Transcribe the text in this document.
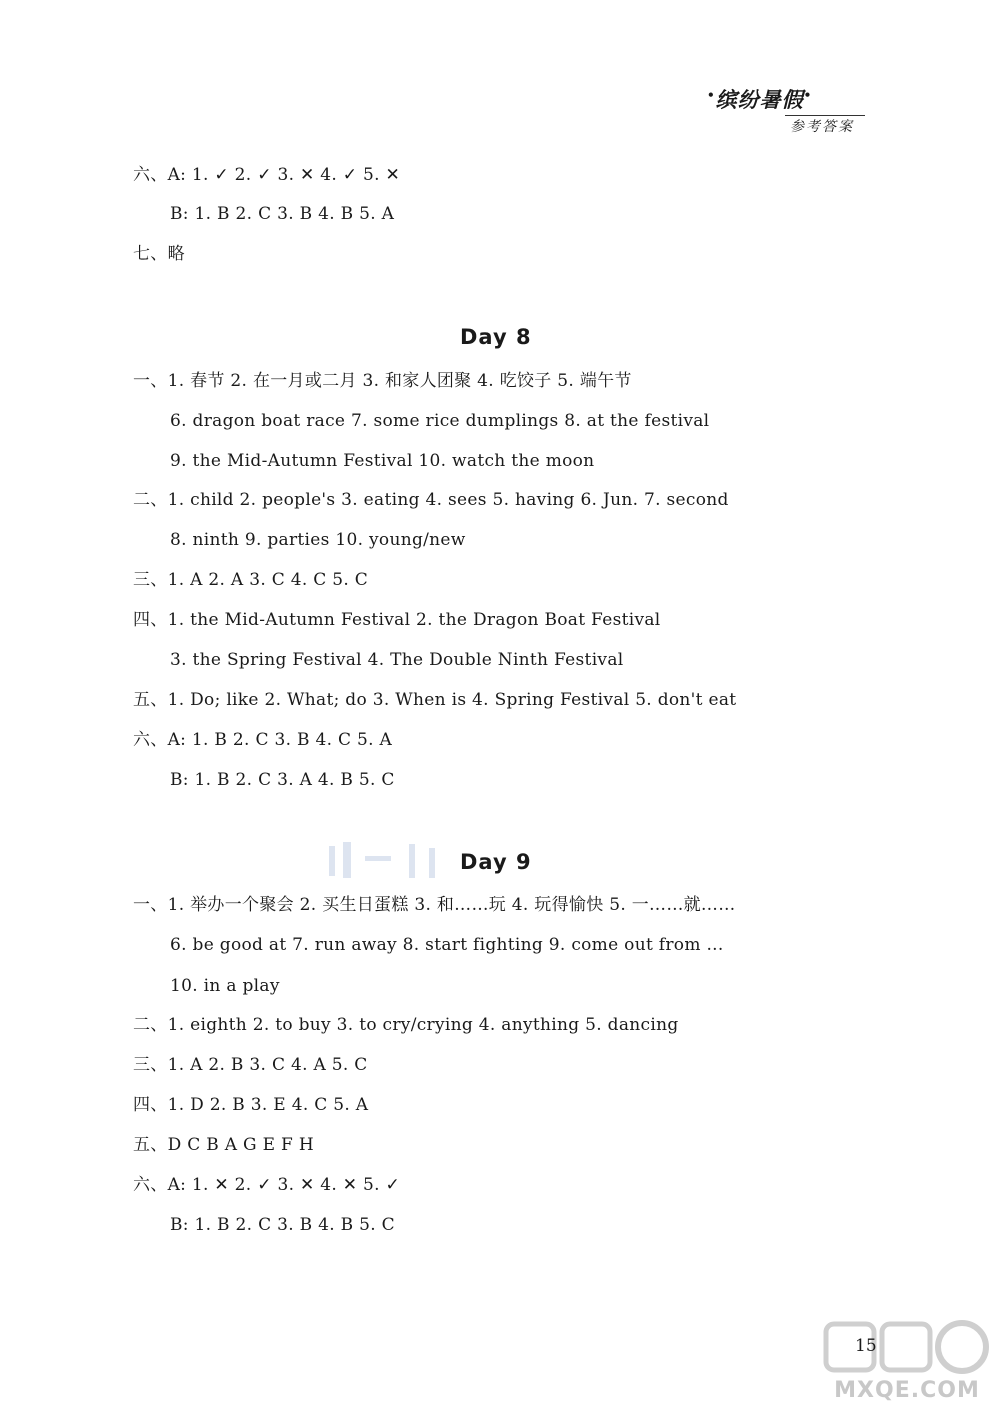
•缤纷暑假•
参考答案
六、A: 1. ✓ 2. ✓ 3. ✕ 4. ✓ 5. ✕
B: 1. B 2. C 3. B 4. B 5. A
七、略
Day 8
一、1. 春节 2. 在一月或二月 3. 和家人团聚 4. 吃饺子 5. 端午节
6. dragon boat race 7. some rice dumplings 8. at the festival
9. the Mid-Autumn Festival 10. watch the moon
二、1. child 2. people's 3. eating 4. sees 5. having 6. Jun. 7. second
8. ninth 9. parties 10. young/new
三、1. A 2. A 3. C 4. C 5. C
四、1. the Mid-Autumn Festival 2. the Dragon Boat Festival
3. the Spring Festival 4. The Double Ninth Festival
五、1. Do; like 2. What; do 3. When is 4. Spring Festival 5. don't eat
六、A: 1. B 2. C 3. B 4. C 5. A
B: 1. B 2. C 3. A 4. B 5. C
Day 9
一、1. 举办一个聚会 2. 买生日蛋糕 3. 和……玩 4. 玩得愉快 5. 一……就……
6. be good at 7. run away 8. start fighting 9. come out from ...
10. in a play
二、1. eighth 2. to buy 3. to cry/crying 4. anything 5. dancing
三、1. A 2. B 3. C 4. A 5. C
四、1. D 2. B 3. E 4. C 5. A
五、D C B A G E F H
六、A: 1. ✕ 2. ✓ 3. ✕ 4. ✕ 5. ✓
B: 1. B 2. C 3. B 4. B 5. C
MXQE.COM
15
